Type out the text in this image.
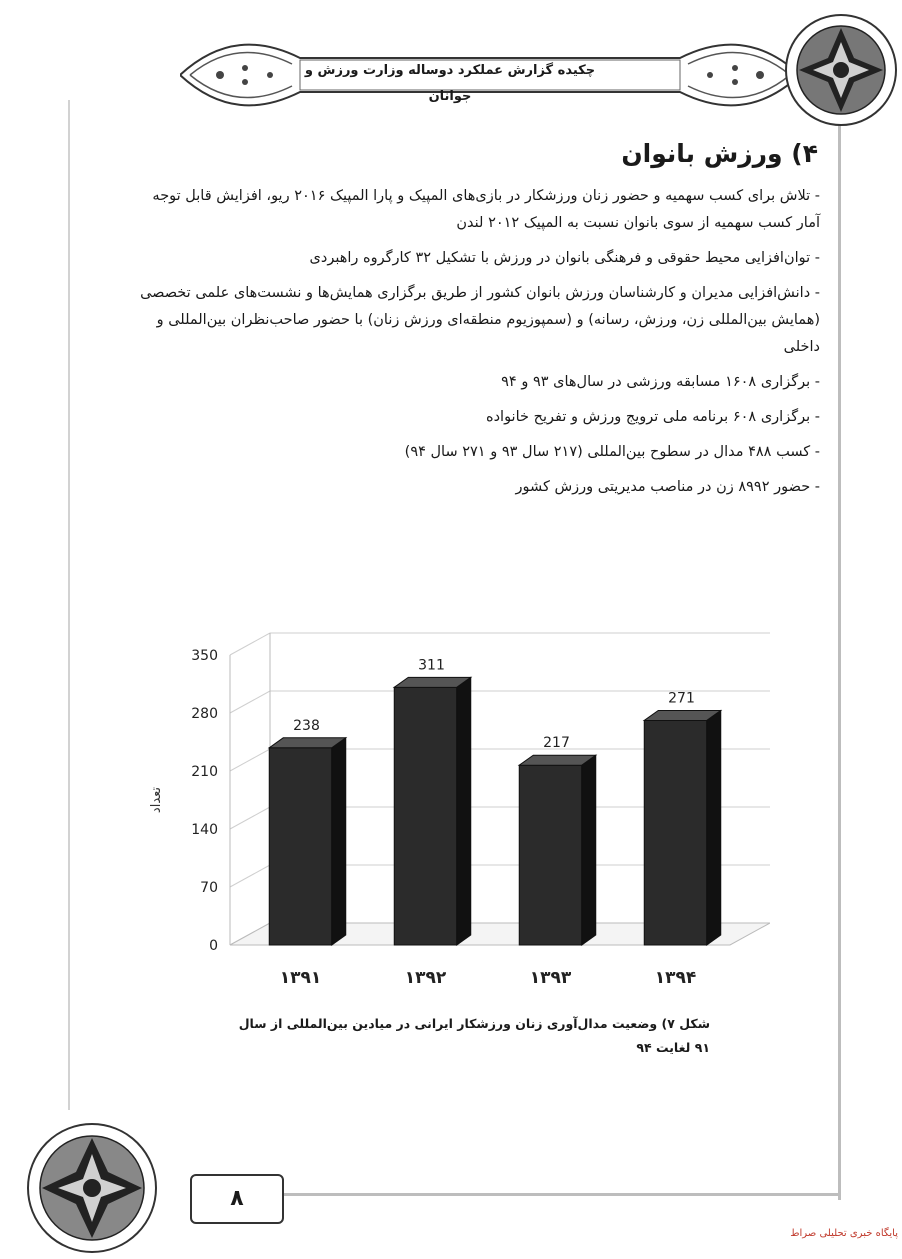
چکیده گزارش عملکرد دوساله وزارت ورزش و جوانان
۴) ورزش بانوان
- تلاش برای کسب سهمیه و حضور زنان ورزشکار در بازی‌های المپیک و پارا المپیک ۲۰۱۶ ریو، افزایش قابل توجه آمار کسب سهمیه از سوی بانوان نسبت به المپیک ۲۰۱۲ لندن
- توان‌افزایی محیط حقوقی و فرهنگی بانوان در ورزش با تشکیل ۳۲ کارگروه راهبردی
- دانش‌افزایی مدیران و کارشناسان ورزش بانوان کشور از طریق برگزاری همایش‌ها و نشست‌های علمی تخصصی (همایش بین‌المللی زن، ورزش، رسانه) و (سمپوزیوم منطقه‌ای ورزش زنان) با حضور صاحب‌نظران بین‌المللی و داخلی
- برگزاری ۱۶۰۸ مسابقه ورزشی در سال‌های ۹۳ و ۹۴
- برگزاری ۶۰۸ برنامه ملی ترویج ورزش و تفریح خانواده
- کسب ۴۸۸ مدال در سطوح بین‌المللی (۲۱۷ سال ۹۳ و ۲۷۱ سال ۹۴)
- حضور ۸۹۹۲ زن در مناصب مدیریتی ورزش کشور
0
70
140
210
280
350
تعداد
238
۱۳۹۱
311
۱۳۹۲
217
۱۳۹۳
271
۱۳۹۴
شکل ۷) وضعیت مدال‌آوری زنان ورزشکار ایرانی در میادین بین‌المللی از سال ۹۱ لغایت ۹۴
۸
پایگاه خبری تحلیلی صراط
